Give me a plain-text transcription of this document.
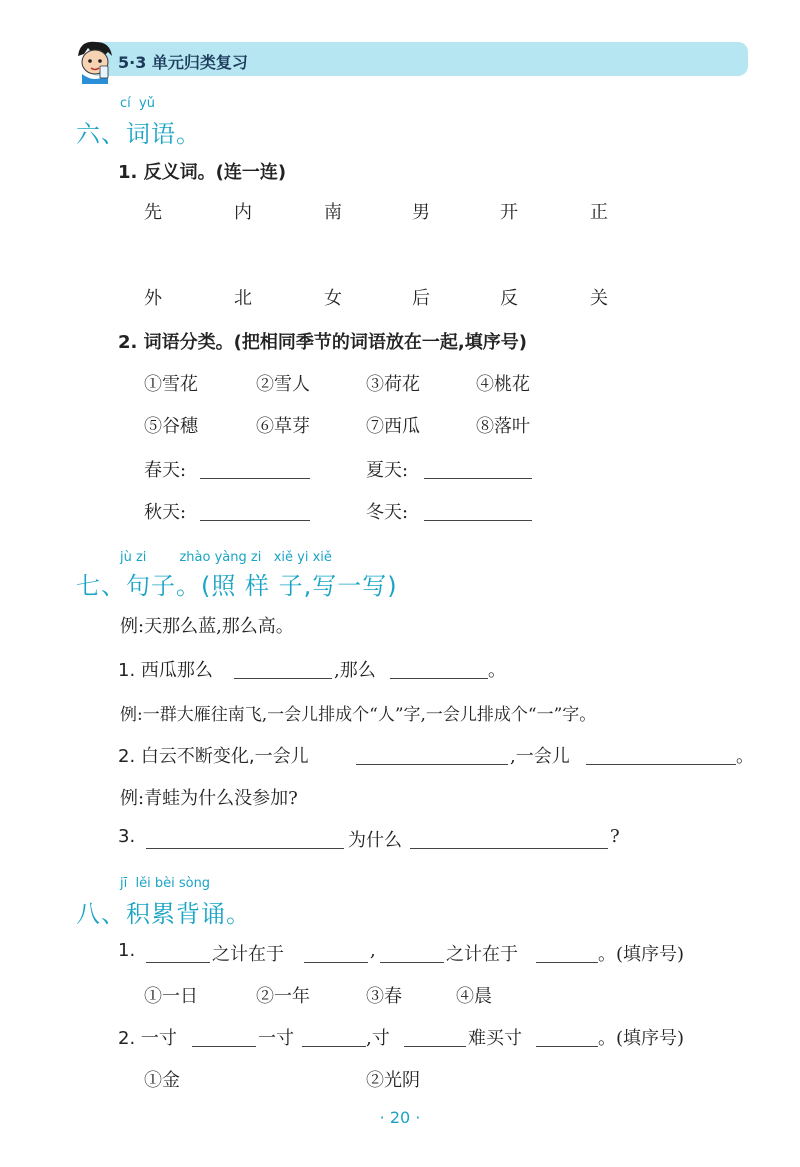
5·3 单元归类复习
cí  yǔ
六、词语。
1. 反义词。(连一连)
先	内	南	男	开	正
外	北	女	后	反	关
2. 词语分类。(把相同季节的词语放在一起,填序号)
①雪花	②雪人	③荷花	④桃花
⑤谷穗	⑥草芽	⑦西瓜	⑧落叶
春天:	夏天:
秋天:	冬天:
jù zi        zhào yàng zi   xiě yi xiě
七、句子。(照 样 子,写一写)
例:天那么蓝,那么高。
1. 西瓜那么	,那么	。
例:一群大雁往南飞,一会儿排成个“人”字,一会儿排成个“一”字。
2. 白云不断变化,一会儿	,一会儿	。
例:青蛙为什么没参加?
3.	为什么	?
jī  lěi bèi sòng
八、积累背诵。
1.	之计在于	,	之计在于	。(填序号)
①一日	②一年	③春	④晨
2. 一寸	一寸	,寸	难买寸	。(填序号)
①金	②光阴
· 20 ·
